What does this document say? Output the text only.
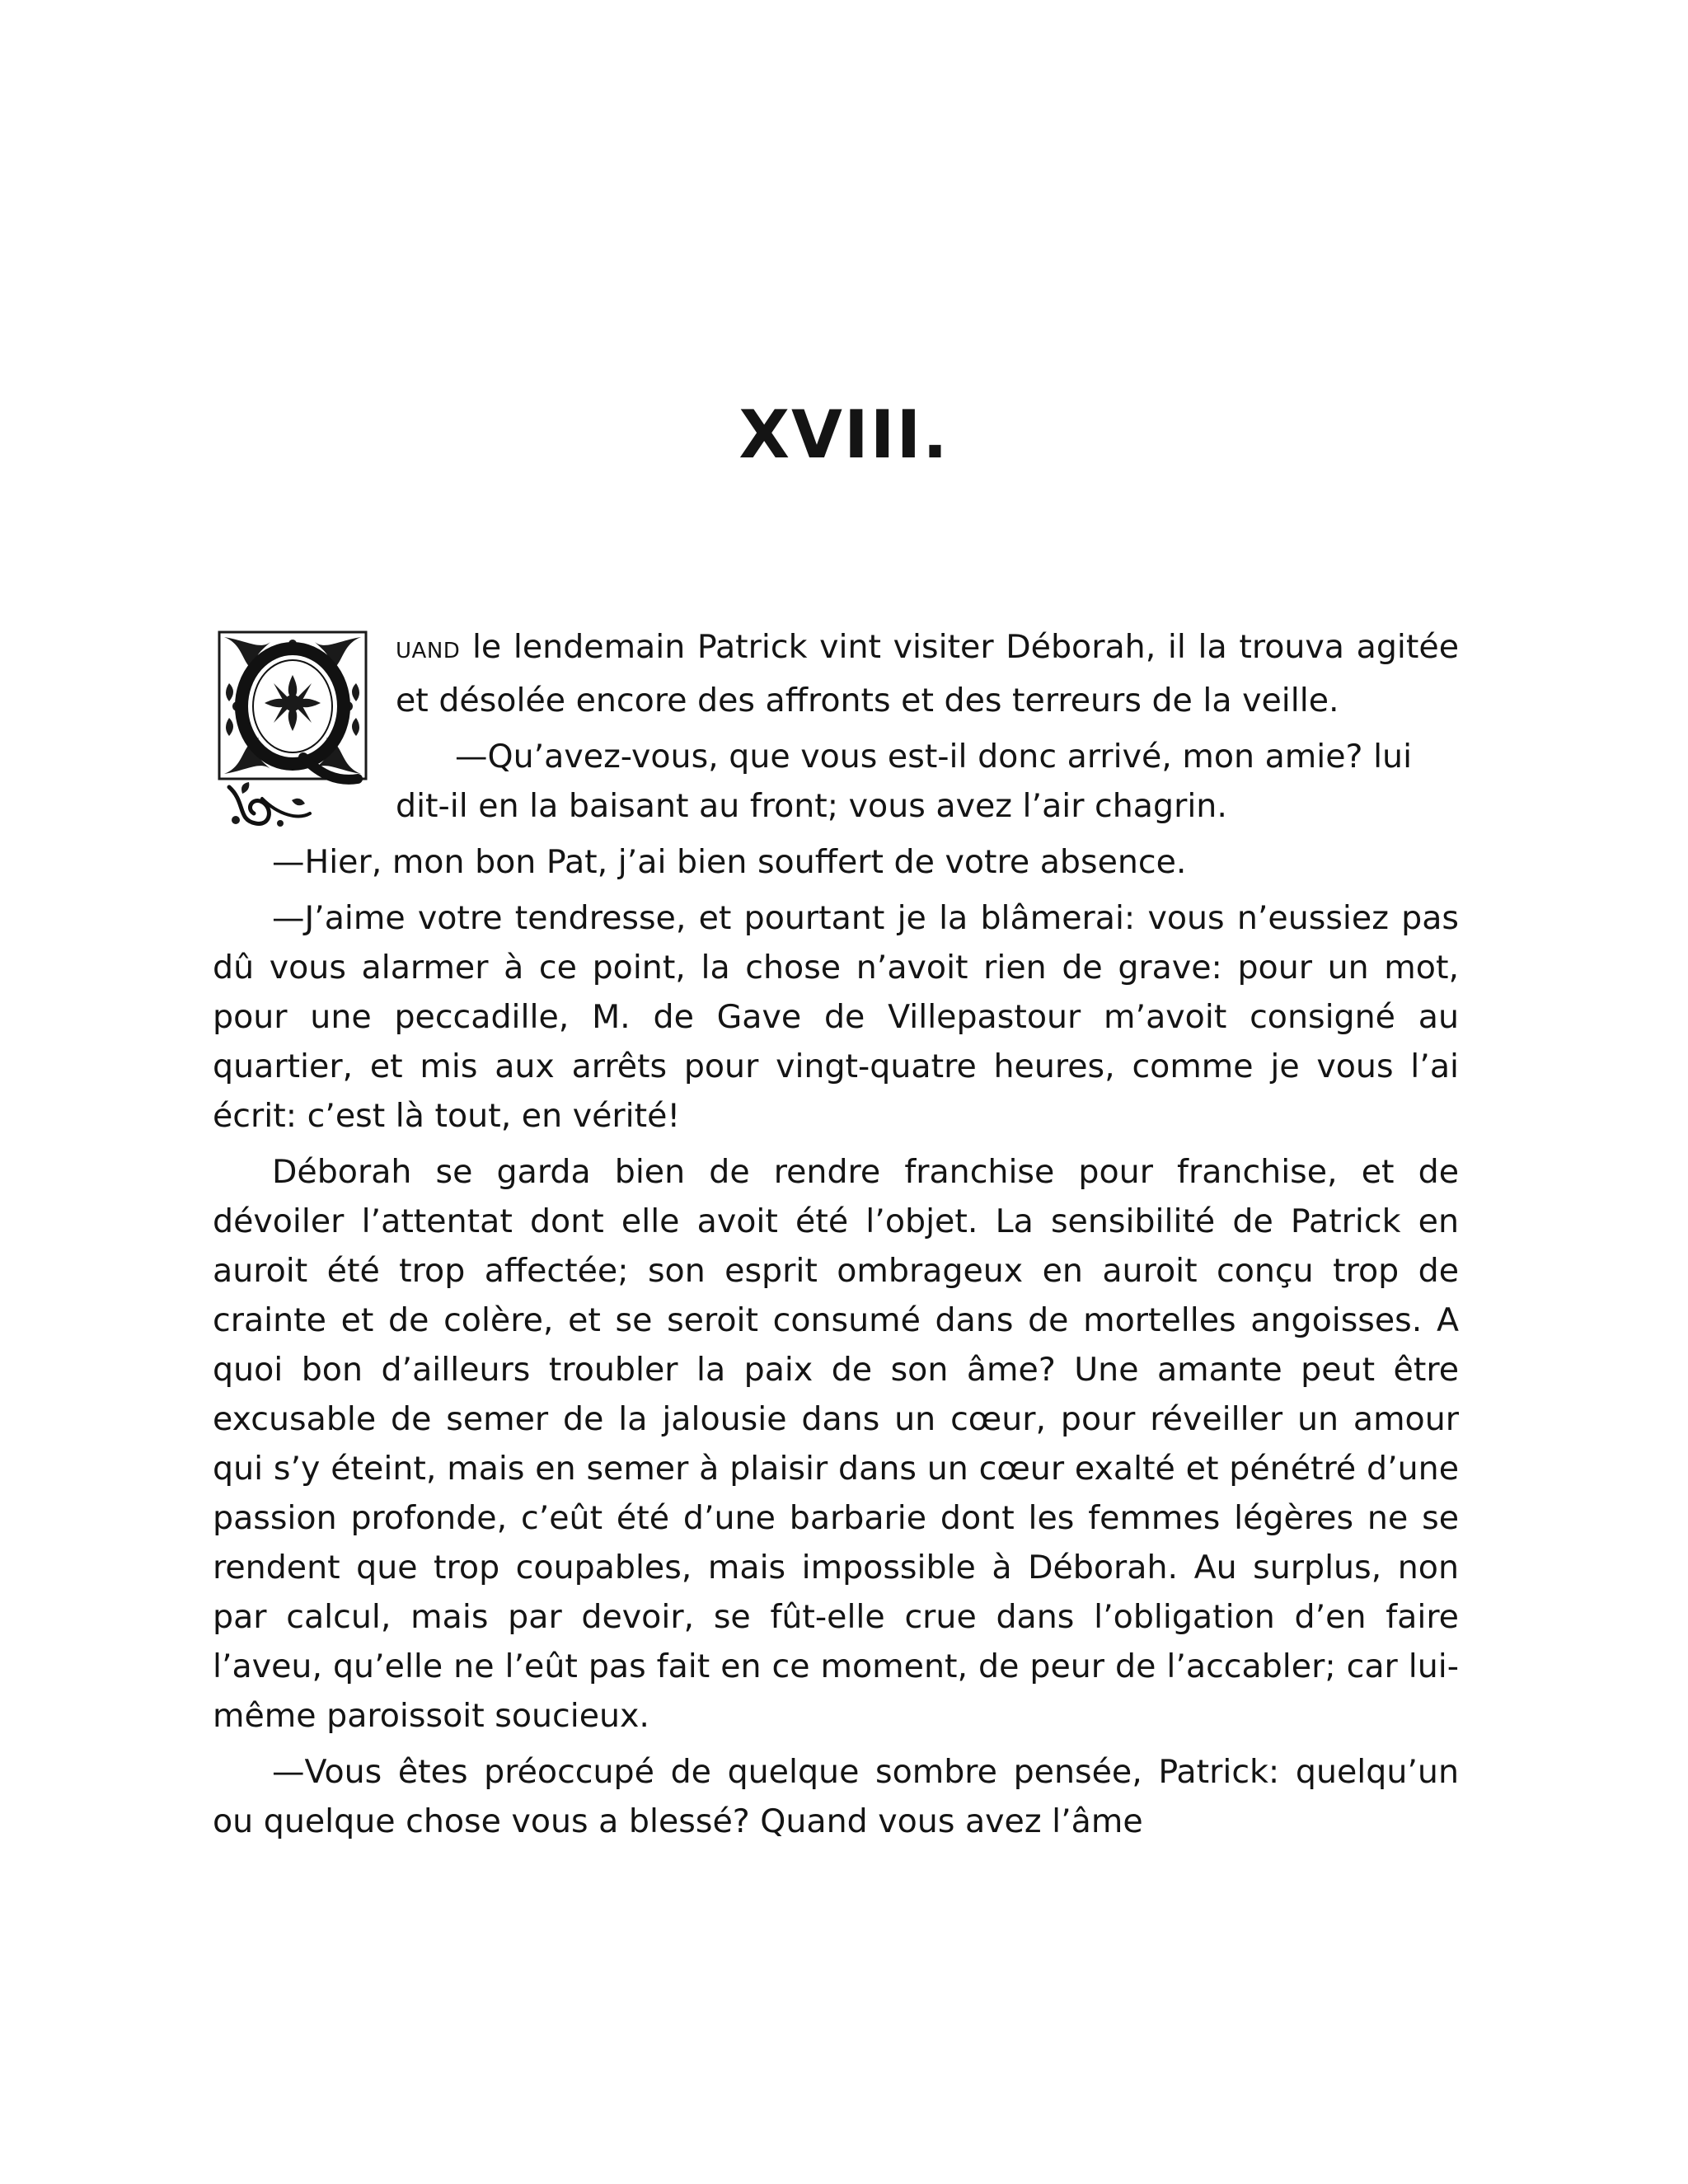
XVIII.

UAND le lendemain Patrick vint visiter Déborah, il la trouva agitée et désolée encore des affronts et des terreurs de la veille.

—Qu’avez-vous, que vous est-il donc arrivé, mon amie? lui dit-il en la baisant au front; vous avez l’air chagrin.

—Hier, mon bon Pat, j’ai bien souffert de votre absence.

—J’aime votre tendresse, et pourtant je la blâmerai: vous n’eussiez pas dû vous alarmer à ce point, la chose n’avoit rien de grave: pour un mot, pour une peccadille, M. de Gave de Villepastour m’avoit consigné au quartier, et mis aux arrêts pour vingt-quatre heures, comme je vous l’ai écrit: c’est là tout, en vérité!

Déborah se garda bien de rendre franchise pour franchise, et de dévoiler l’attentat dont elle avoit été l’objet. La sensibilité de Patrick en auroit été trop affectée; son esprit ombrageux en auroit conçu trop de crainte et de colère, et se seroit consumé dans de mortelles angoisses. A quoi bon d’ailleurs troubler la paix de son âme? Une amante peut être excusable de semer de la jalousie dans un cœur, pour réveiller un amour qui s’y éteint, mais en semer à plaisir dans un cœur exalté et pénétré d’une passion profonde, c’eût été d’une barbarie dont les femmes légères ne se rendent que trop coupables, mais impossible à Déborah. Au surplus, non par calcul, mais par devoir, se fût-elle crue dans l’obligation d’en faire l’aveu, qu’elle ne l’eût pas fait en ce moment, de peur de l’accabler; car lui-même paroissoit soucieux.

—Vous êtes préoccupé de quelque sombre pensée, Patrick: quelqu’un ou quelque chose vous a blessé? Quand vous avez l’âme
